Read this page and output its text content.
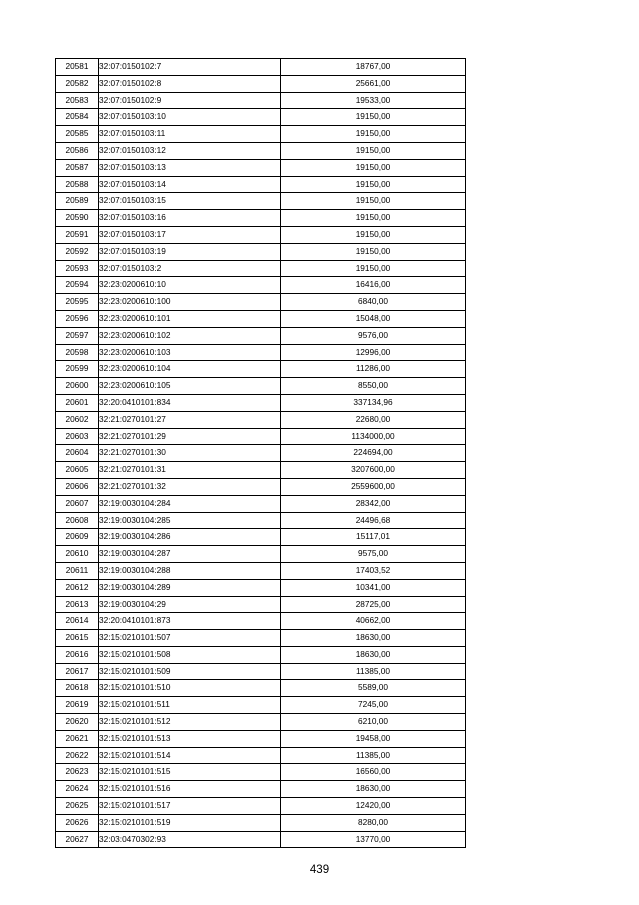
20581	32:07:0150102:7	18767,00
20582	32:07:0150102:8	25661,00
20583	32:07:0150102:9	19533,00
20584	32:07:0150103:10	19150,00
20585	32:07:0150103:11	19150,00
20586	32:07:0150103:12	19150,00
20587	32:07:0150103:13	19150,00
20588	32:07:0150103:14	19150,00
20589	32:07:0150103:15	19150,00
20590	32:07:0150103:16	19150,00
20591	32:07:0150103:17	19150,00
20592	32:07:0150103:19	19150,00
20593	32:07:0150103:2	19150,00
20594	32:23:0200610:10	16416,00
20595	32:23:0200610:100	6840,00
20596	32:23:0200610:101	15048,00
20597	32:23:0200610:102	9576,00
20598	32:23:0200610:103	12996,00
20599	32:23:0200610:104	11286,00
20600	32:23:0200610:105	8550,00
20601	32:20:0410101:834	337134,96
20602	32:21:0270101:27	22680,00
20603	32:21:0270101:29	1134000,00
20604	32:21:0270101:30	224694,00
20605	32:21:0270101:31	3207600,00
20606	32:21:0270101:32	2559600,00
20607	32:19:0030104:284	28342,00
20608	32:19:0030104:285	24496,68
20609	32:19:0030104:286	15117,01
20610	32:19:0030104:287	9575,00
20611	32:19:0030104:288	17403,52
20612	32:19:0030104:289	10341,00
20613	32:19:0030104:29	28725,00
20614	32:20:0410101:873	40662,00
20615	32:15:0210101:507	18630,00
20616	32:15:0210101:508	18630,00
20617	32:15:0210101:509	11385,00
20618	32:15:0210101:510	5589,00
20619	32:15:0210101:511	7245,00
20620	32:15:0210101:512	6210,00
20621	32:15:0210101:513	19458,00
20622	32:15:0210101:514	11385,00
20623	32:15:0210101:515	16560,00
20624	32:15:0210101:516	18630,00
20625	32:15:0210101:517	12420,00
20626	32:15:0210101:519	8280,00
20627	32:03:0470302:93	13770,00
439
